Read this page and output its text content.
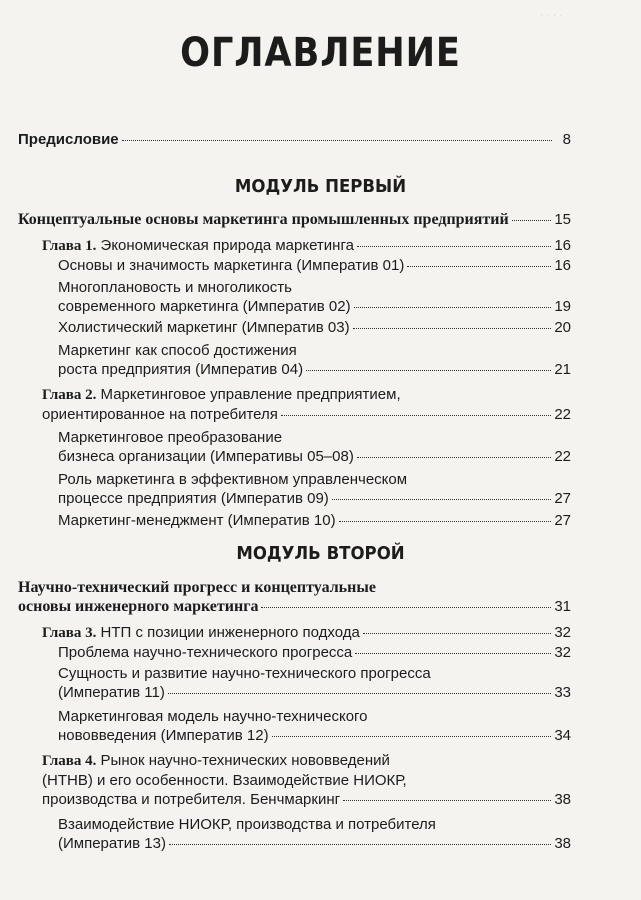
. . . .
ОГЛАВЛЕНИЕ
Предисловие	8
МОДУЛЬ ПЕРВЫЙ
Концептуальные основы маркетинга промышленных предприятий	15
Глава 1. Экономическая природа маркетинга	16
Основы и значимость маркетинга (Императив 01)	16
Многоплановость и многоликость
современного маркетинга (Императив 02)	19
Холистический маркетинг (Императив 03)	20
Маркетинг как способ достижения
роста предприятия (Императив 04)	21
Глава 2. Маркетинговое управление предприятием,
ориентированное на потребителя	22
Маркетинговое преобразование
бизнеса организации (Императивы 05–08)	22
Роль маркетинга в эффективном управленческом
процессе предприятия (Императив 09)	27
Маркетинг-менеджмент (Императив 10)	27
МОДУЛЬ ВТОРОЙ
Научно-технический прогресс и концептуальные
основы инженерного маркетинга	31
Глава 3. НТП с позиции инженерного подхода	32
Проблема научно-технического прогресса	32
Сущность и развитие научно-технического прогресса
(Императив 11)	33
Маркетинговая модель научно-технического
нововведения (Императив 12)	34
Глава 4. Рынок научно-технических нововведений
(НТНВ) и его особенности. Взаимодействие НИОКР,
производства и потребителя. Бенчмаркинг	38
Взаимодействие НИОКР, производства и потребителя
(Императив 13)	38
